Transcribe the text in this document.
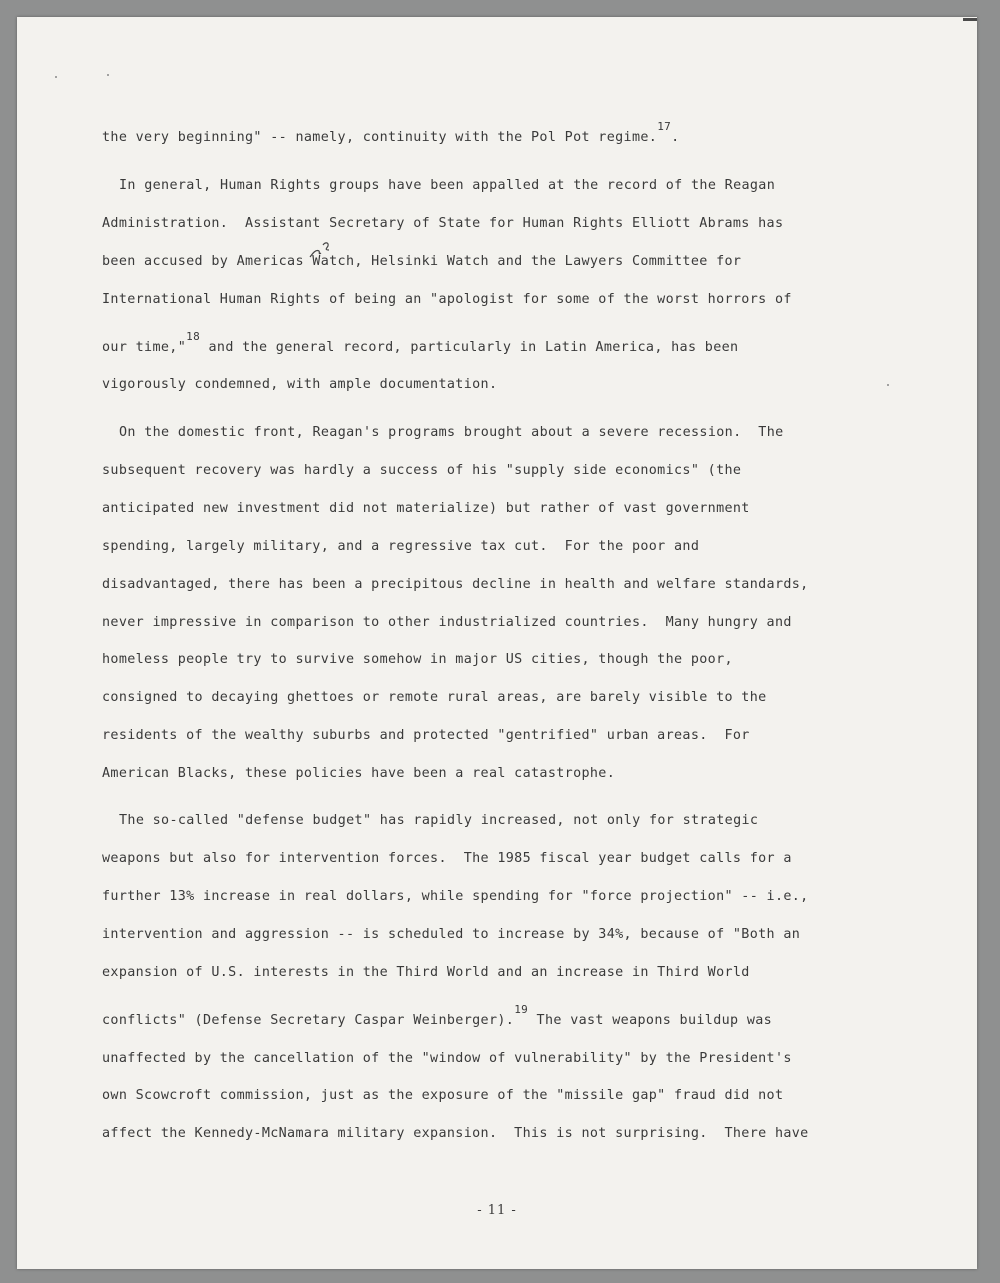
the very beginning" -- namely, continuity with the Pol Pot regime.$^{17}$.
In general, Human Rights groups have been appalled at the record of the Reagan
Administration.  Assistant Secretary of State for Human Rights Elliott Abrams has
been accused by Americas Watch, Helsinki Watch and the Lawyers Committee for
International Human Rights of being an "apologist for some of the worst horrors of
our time,"$^{18}$ and the general record, particularly in Latin America, has been
vigorously condemned, with ample documentation.
On the domestic front, Reagan's programs brought about a severe recession.  The
subsequent recovery was hardly a success of his "supply side economics" (the
anticipated new investment did not materialize) but rather of vast government
spending, largely military, and a regressive tax cut.  For the poor and
disadvantaged, there has been a precipitous decline in health and welfare standards,
never impressive in comparison to other industrialized countries.  Many hungry and
homeless people try to survive somehow in major US cities, though the poor,
consigned to decaying ghettoes or remote rural areas, are barely visible to the
residents of the wealthy suburbs and protected "gentrified" urban areas.  For
American Blacks, these policies have been a real catastrophe.
The so-called "defense budget" has rapidly increased, not only for strategic
weapons but also for intervention forces.  The 1985 fiscal year budget calls for a
further 13% increase in real dollars, while spending for "force projection" -- i.e.,
intervention and aggression -- is scheduled to increase by 34%, because of "Both an
expansion of U.S. interests in the Third World and an increase in Third World
conflicts" (Defense Secretary Caspar Weinberger).$^{19}$ The vast weapons buildup was
unaffected by the cancellation of the "window of vulnerability" by the President's
own Scowcroft commission, just as the exposure of the "missile gap" fraud did not
affect the Kennedy-McNamara military expansion.  This is not surprising.  There have
- 11 -
